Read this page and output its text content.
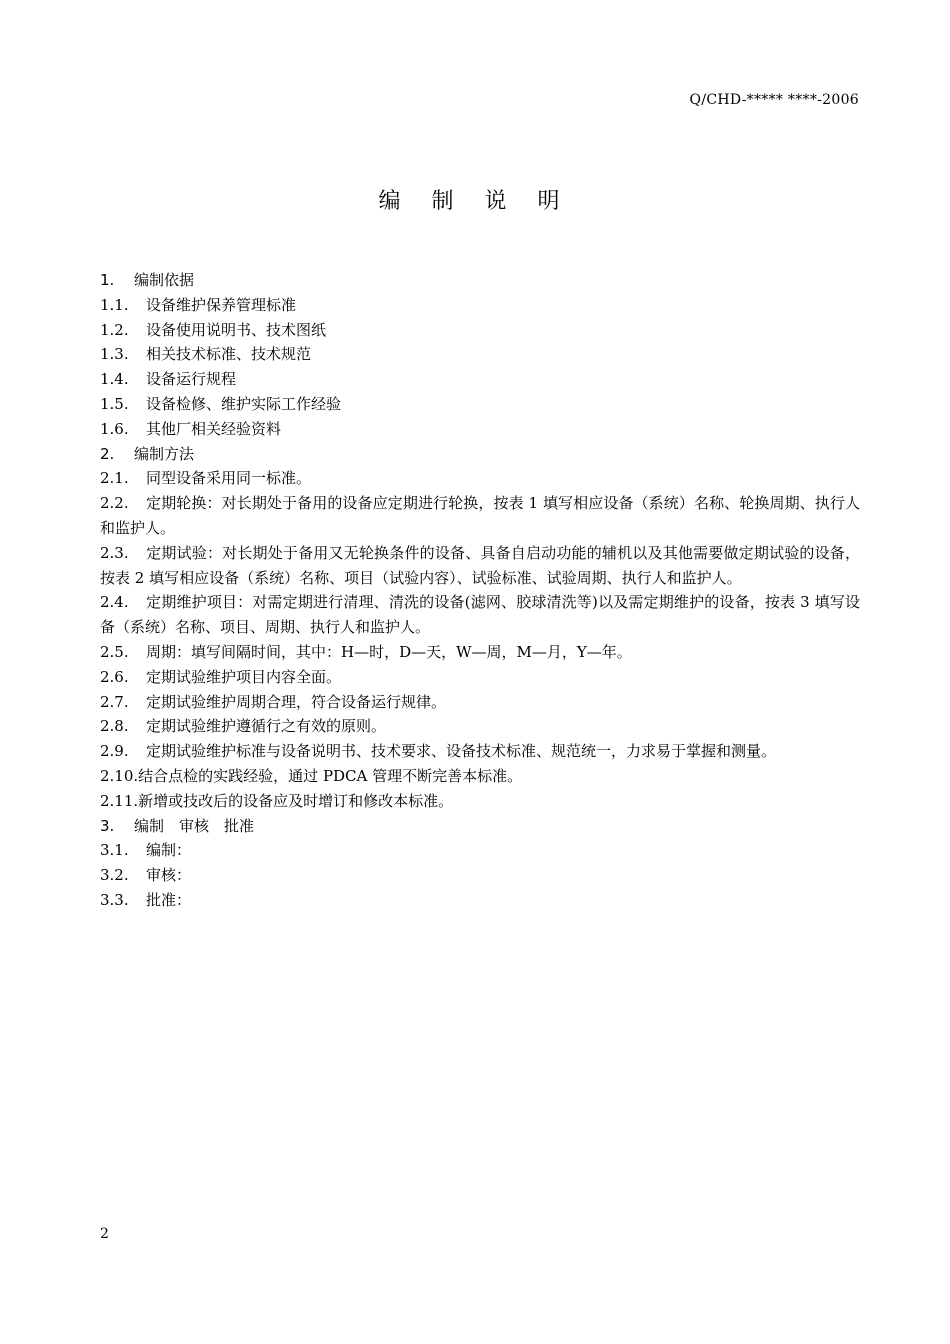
Q/CHD-***** ****-2006
编 制 说 明
1. 编制依据
1.1. 设备维护保养管理标准
1.2. 设备使用说明书、技术图纸
1.3. 相关技术标准、技术规范
1.4. 设备运行规程
1.5. 设备检修、维护实际工作经验
1.6. 其他厂相关经验资料
2. 编制方法
2.1. 同型设备采用同一标准。
2.2. 定期轮换：对长期处于备用的设备应定期进行轮换，按表 1 填写相应设备（系统）名称、轮换周期、执行人和监护人。
2.3. 定期试验：对长期处于备用又无轮换条件的设备、具备自启动功能的辅机以及其他需要做定期试验的设备，按表 2 填写相应设备（系统）名称、项目（试验内容）、试验标准、试验周期、执行人和监护人。
2.4. 定期维护项目：对需定期进行清理、清洗的设备(滤网、胶球清洗等)以及需定期维护的设备，按表 3 填写设备（系统）名称、项目、周期、执行人和监护人。
2.5. 周期：填写间隔时间，其中：H—时，D—天，W—周，M—月，Y—年。
2.6. 定期试验维护项目内容全面。
2.7. 定期试验维护周期合理，符合设备运行规律。
2.8. 定期试验维护遵循行之有效的原则。
2.9. 定期试验维护标准与设备说明书、技术要求、设备技术标准、规范统一，力求易于掌握和测量。
2.10.结合点检的实践经验，通过 PDCA 管理不断完善本标准。
2.11.新增或技改后的设备应及时增订和修改本标准。
3. 编制　审核　批准
3.1. 编制：
3.2. 审核：
3.3. 批准：
2
